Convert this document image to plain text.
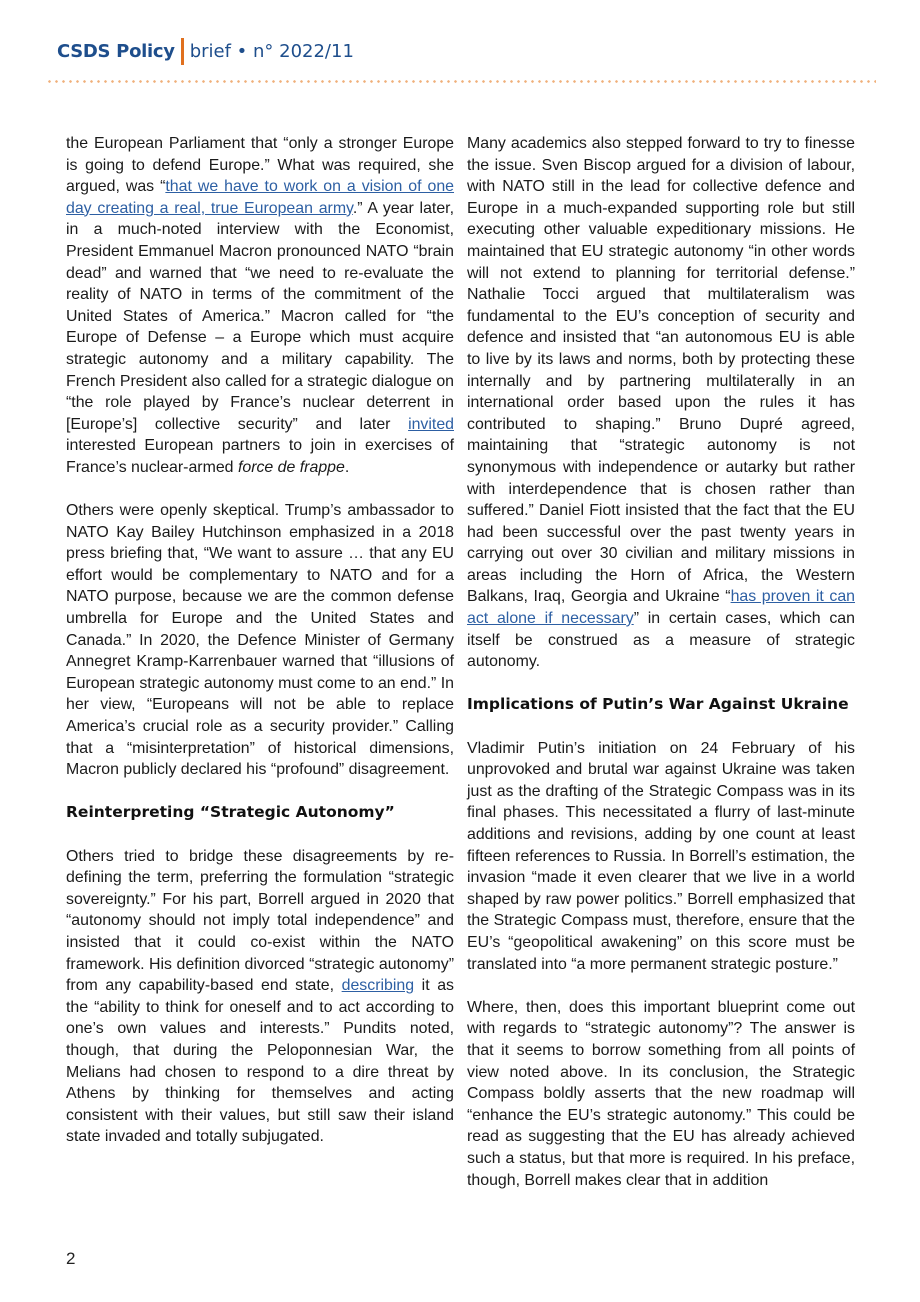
CSDS Policy brief • n° 2022/11

the European Parliament that “only a stronger Europe is going to defend Europe.” What was required, she argued, was “that we have to work on a vision of one day creating a real, true European army.” A year later, in a much-noted interview with the Economist, President Emmanuel Macron pronounced NATO “brain dead” and warned that “we need to re-evaluate the reality of NATO in terms of the commitment of the United States of America.” Macron called for “the Europe of Defense – a Europe which must acquire strategic autonomy and a military capability. The French President also called for a strategic dialogue on “the role played by France’s nuclear deterrent in [Europe’s] collective security” and later invited interested European partners to join in exercises of France’s nuclear-armed force de frappe.

Others were openly skeptical. Trump’s ambassador to NATO Kay Bailey Hutchinson emphasized in a 2018 press briefing that, “We want to assure … that any EU effort would be complementary to NATO and for a NATO purpose, because we are the common defense umbrella for Europe and the United States and Canada.” In 2020, the Defence Minister of Germany Annegret Kramp-Karrenbauer warned that “illusions of European strategic autonomy must come to an end.” In her view, “Europeans will not be able to replace America’s crucial role as a security provider.” Calling that a “misinterpretation” of historical dimensions, Macron publicly declared his “profound” disagreement.

Reinterpreting “Strategic Autonomy”

Others tried to bridge these disagreements by re-defining the term, preferring the formulation “strategic sovereignty.” For his part, Borrell argued in 2020 that “autonomy should not imply total independence” and insisted that it could co-exist within the NATO framework. His definition divorced “strategic autonomy” from any capability-based end state, describing it as the “ability to think for oneself and to act according to one’s own values and interests.” Pundits noted, though, that during the Peloponnesian War, the Melians had chosen to respond to a dire threat by Athens by thinking for themselves and acting consistent with their values, but still saw their island state invaded and totally subjugated.

Many academics also stepped forward to try to finesse the issue. Sven Biscop argued for a division of labour, with NATO still in the lead for collective defence and Europe in a much-expanded supporting role but still executing other valuable expeditionary missions. He maintained that EU strategic autonomy “in other words will not extend to planning for territorial defense.” Nathalie Tocci argued that multilateralism was fundamental to the EU’s conception of security and defence and insisted that “an autonomous EU is able to live by its laws and norms, both by protecting these internally and by partnering multilaterally in an international order based upon the rules it has contributed to shaping.” Bruno Dupré agreed, maintaining that “strategic autonomy is not synonymous with independence or autarky but rather with interdependence that is chosen rather than suffered.” Daniel Fiott insisted that the fact that the EU had been successful over the past twenty years in carrying out over 30 civilian and military missions in areas including the Horn of Africa, the Western Balkans, Iraq, Georgia and Ukraine “has proven it can act alone if necessary” in certain cases, which can itself be construed as a measure of strategic autonomy.

Implications of Putin’s War Against Ukraine

Vladimir Putin’s initiation on 24 February of his unprovoked and brutal war against Ukraine was taken just as the drafting of the Strategic Compass was in its final phases. This necessitated a flurry of last-minute additions and revisions, adding by one count at least fifteen references to Russia. In Borrell’s estimation, the invasion “made it even clearer that we live in a world shaped by raw power politics.” Borrell emphasized that the Strategic Compass must, therefore, ensure that the EU’s “geopolitical awakening” on this score must be translated into “a more permanent strategic posture.”

Where, then, does this important blueprint come out with regards to “strategic autonomy”? The answer is that it seems to borrow something from all points of view noted above. In its conclusion, the Strategic Compass boldly asserts that the new roadmap will “enhance the EU’s strategic autonomy.” This could be read as suggesting that the EU has already achieved such a status, but that more is required. In his preface, though, Borrell makes clear that in addition

2
